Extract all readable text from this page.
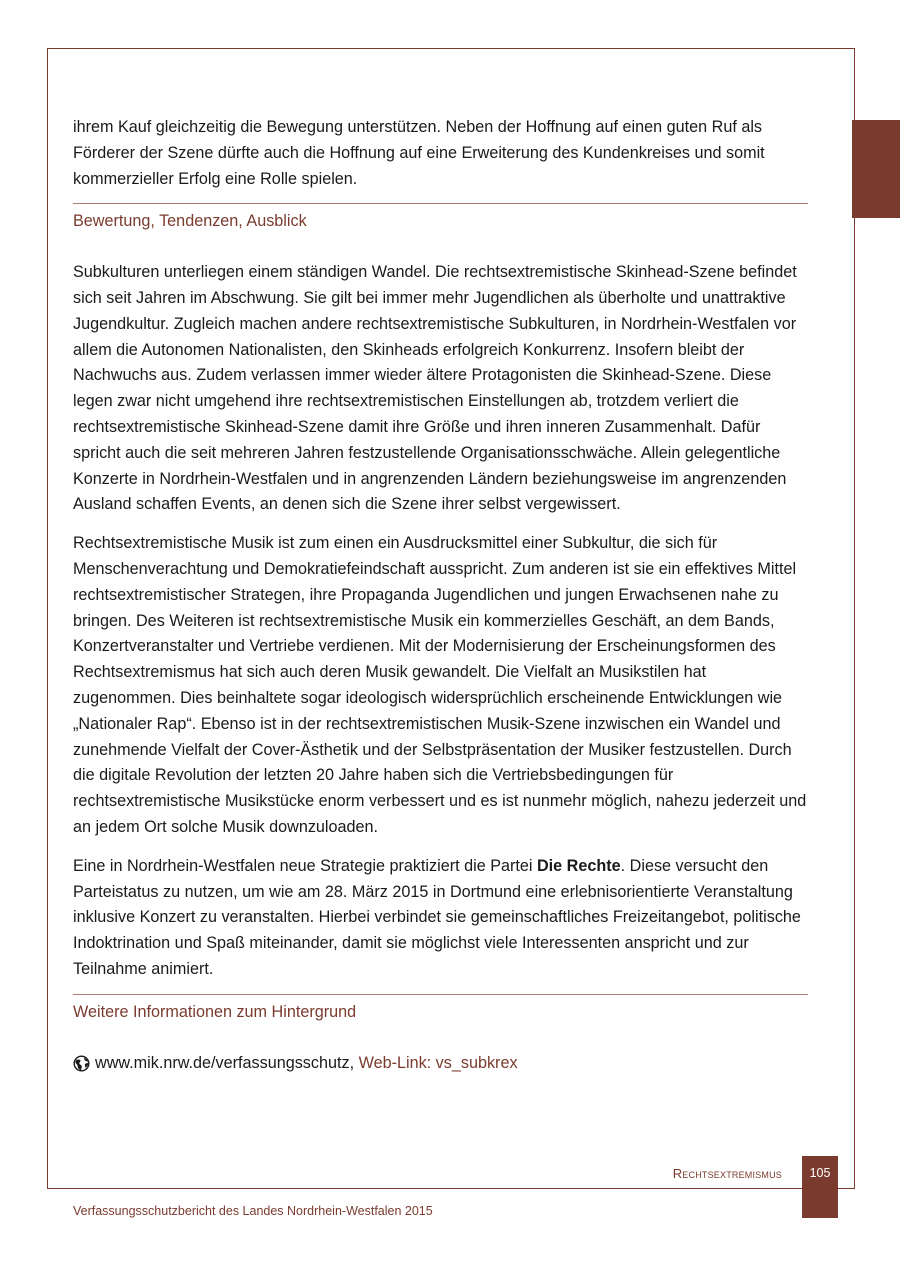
ihrem Kauf gleichzeitig die Bewegung unterstützen. Neben der Hoffnung auf einen guten Ruf als Förderer der Szene dürfte auch die Hoffnung auf eine Erweiterung des Kundenkreises und somit kommerzieller Erfolg eine Rolle spielen.

Bewertung, Tendenzen, Ausblick

Subkulturen unterliegen einem ständigen Wandel. Die rechtsextremistische Skinhead-Szene befindet sich seit Jahren im Abschwung. Sie gilt bei immer mehr Jugendlichen als überholte und unattraktive Jugendkultur. Zugleich machen andere rechtsextremistische Subkulturen, in Nordrhein-Westfalen vor allem die Autonomen Nationalisten, den Skinheads erfolgreich Konkurrenz. Insofern bleibt der Nachwuchs aus. Zudem verlassen immer wieder ältere Protagonisten die Skinhead-Szene. Diese legen zwar nicht umgehend ihre rechtsextremistischen Einstellungen ab, trotzdem verliert die rechtsextremistische Skinhead-Szene damit ihre Größe und ihren inneren Zusammenhalt. Dafür spricht auch die seit mehreren Jahren festzustellende Organisationsschwäche. Allein gelegentliche Konzerte in Nordrhein-Westfalen und in angrenzenden Ländern beziehungsweise im angrenzenden Ausland schaffen Events, an denen sich die Szene ihrer selbst vergewissert.

Rechtsextremistische Musik ist zum einen ein Ausdrucksmittel einer Subkultur, die sich für Menschenverachtung und Demokratiefeindschaft ausspricht. Zum anderen ist sie ein effektives Mittel rechtsextremistischer Strategen, ihre Propaganda Jugendlichen und jungen Erwachsenen nahe zu bringen. Des Weiteren ist rechtsextremistische Musik ein kommerzielles Geschäft, an dem Bands, Konzertveranstalter und Vertriebe verdienen. Mit der Modernisierung der Erscheinungsformen des Rechtsextremismus hat sich auch deren Musik gewandelt. Die Vielfalt an Musikstilen hat zugenommen. Dies beinhaltete sogar ideologisch widersprüchlich erscheinende Entwicklungen wie „Nationaler Rap“. Ebenso ist in der rechtsextremistischen Musik-Szene inzwischen ein Wandel und zunehmende Vielfalt der Cover-Ästhetik und der Selbstpräsentation der Musiker festzustellen. Durch die digitale Revolution der letzten 20 Jahre haben sich die Vertriebsbedingungen für rechtsextremistische Musikstücke enorm verbessert und es ist nunmehr möglich, nahezu jederzeit und an jedem Ort solche Musik downzuloaden.

Eine in Nordrhein-Westfalen neue Strategie praktiziert die Partei Die Rechte. Diese versucht den Parteistatus zu nutzen, um wie am 28. März 2015 in Dortmund eine erlebnisorientierte Veranstaltung inklusive Konzert zu veranstalten. Hierbei verbindet sie gemeinschaftliches Freizeitangebot, politische Indoktrination und Spaß miteinander, damit sie möglichst viele Interessenten anspricht und zur Teilnahme animiert.

Weitere Informationen zum Hintergrund
www.mik.nrw.de/verfassungsschutz,
Web-Link: vs_subkrex
Rechtsextremismus	105
Verfassungsschutzbericht des Landes Nordrhein-Westfalen 2015
